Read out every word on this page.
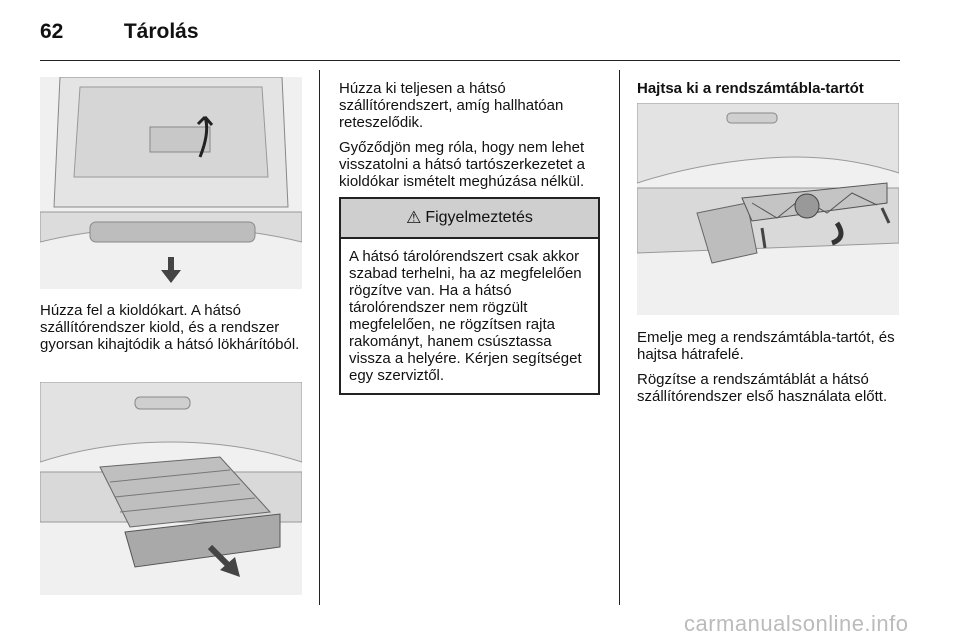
62	Tárolás

Húzza fel a kioldókart. A hátsó szállítórendszer kiold, és a rendszer gyorsan kihajtódik a hátsó lökhárítóból.

Húzza ki teljesen a hátsó szállítórendszert, amíg hallhatóan reteszelődik.

Győződjön meg róla, hogy nem lehet visszatolni a hátsó tartószerkezetet a kioldókar ismételt meghúzása nélkül.

⚠ Figyelmeztetés
A hátsó tárolórendszert csak akkor szabad terhelni, ha az megfelelően rögzítve van. Ha a hátsó tárolórendszer nem rögzült megfelelően, ne rögzítsen rajta rakományt, hanem csúsztassa vissza a helyére. Kérjen segítséget egy szerviztől.

Hajtsa ki a rendszámtábla-tartót

Emelje meg a rendszámtábla-tartót, és hajtsa hátrafelé.

Rögzítse a rendszámtáblát a hátsó szállítórendszer első használata előtt.

carmanualsonline.info
